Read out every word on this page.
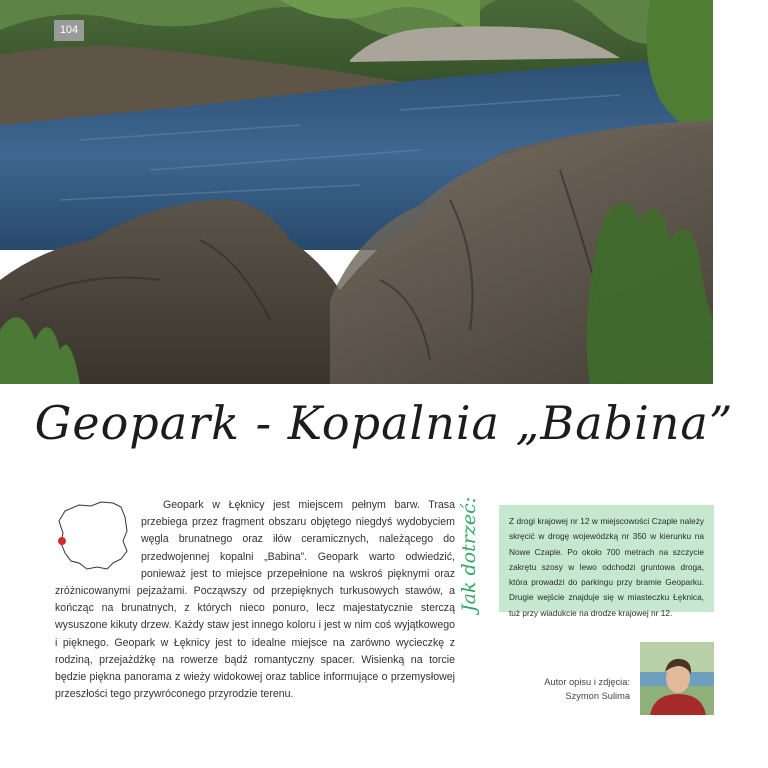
104
Geopark - Kopalnia „Babina”

Geopark w Łęknicy jest miejscem pełnym barw. Trasa przebiega przez fragment obszaru objętego niegdyś wydobyciem węgla brunatnego oraz iłów ceramicznych, należącego do przedwojennej kopalni „Babina”. Geopark warto odwiedzić, ponieważ jest to miejsce przepełnione na wskroś pięknymi oraz zróżnicowanymi pejzażami. Począwszy od przepięknych turkusowych stawów, a kończąc na brunatnych, z których nieco ponuro, lecz majestatycznie sterczą wysuszone kikuty drzew. Każdy staw jest innego koloru i jest w nim coś wyjątkowego i pięknego. Geopark w Łęknicy jest to idealne miejsce na zarówno wycieczkę z rodziną, przejażdżkę na rowerze bądź romantyczny spacer. Wisienką na torcie będzie piękna panorama z wieży widokowej oraz tablice informujące o przemysłowej przeszłości tego przywróconego przyrodzie terenu.

Jak dotrzeć:	Z drogi krajowej nr 12 w miejscowości Czaple należy skręcić w drogę wojewódzką nr 350 w kierunku na Nowe Czaple. Po około 700 metrach na szczycie zakrętu szosy w lewo odchodzi gruntowa droga, która prowadzi do parkingu przy bramie Geoparku. Drugie wejście znajduje się w miasteczku Łęknica, tuż przy wiadukcie na drodze krajowej nr 12.
Autor opisu i zdjęcia:
Szymon Sulima
